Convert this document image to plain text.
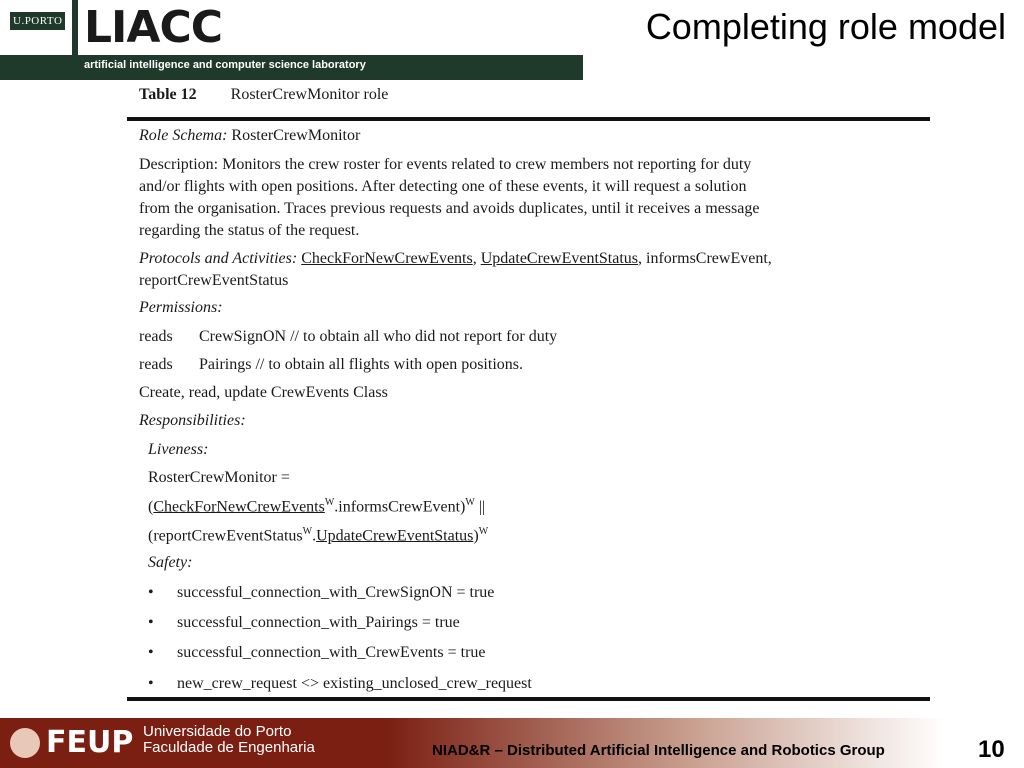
U.PORTO LIACC
artificial intelligence and computer science laboratory
Completing role model
Table 12 RosterCrewMonitor role
Role Schema: RosterCrewMonitor
Description: Monitors the crew roster for events related to crew members not reporting for duty
and/or flights with open positions. After detecting one of these events, it will request a solution
from the organisation. Traces previous requests and avoids duplicates, until it receives a message
regarding the status of the request.
Protocols and Activities: CheckForNewCrewEvents, UpdateCrewEventStatus, informsCrewEvent,
reportCrewEventStatus
Permissions:
reads CrewSignON // to obtain all who did not report for duty
reads Pairings // to obtain all flights with open positions.
Create, read, update CrewEvents Class
Responsibilities:
Liveness:
RosterCrewMonitor =
(CheckForNewCrewEvents$^W$.informsCrewEvent)$^W$ ||
(reportCrewEventStatus$^W$.UpdateCrewEventStatus)$^W$
Safety:
• successful_connection_with_CrewSignON = true
• successful_connection_with_Pairings = true
• successful_connection_with_CrewEvents = true
• new_crew_request <> existing_unclosed_crew_request
FEUP Universidade do Porto
Faculdade de Engenharia	NIAD&R – Distributed Artificial Intelligence and Robotics Group	10
